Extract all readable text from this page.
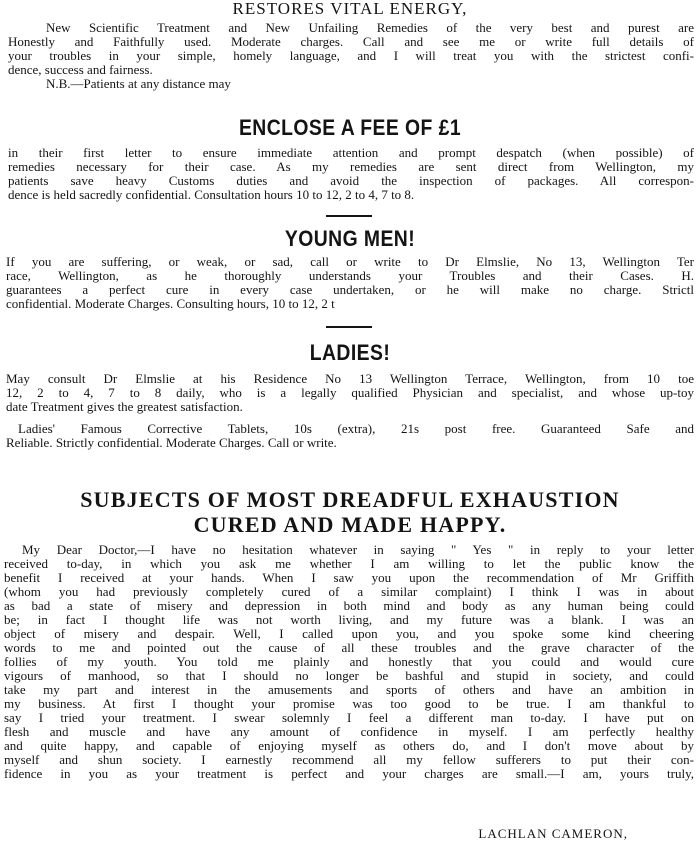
RESTORES VITAL ENERGY,
New Scientific Treatment and New Unfailing Remedies of the very best and purest are
Honestly and Faithfully used. Moderate charges. Call and see me or write full details of
your troubles in your simple, homely language, and I will treat you with the strictest confi-
dence, success and fairness.
N.B.—Patients at any distance may
ENCLOSE A FEE OF £1
in their first letter to ensure immediate attention and prompt despatch (when possible) of
remedies necessary for their case. As my remedies are sent direct from Wellington, my
patients save heavy Customs duties and avoid the inspection of packages. All correspon-
dence is held sacredly confidential. Consultation hours 10 to 12, 2 to 4, 7 to 8.
YOUNG MEN!
If you are suffering, or weak, or sad, call or write to Dr Elmslie, No 13, Wellington Ter
race, Wellington, as he thoroughly understands your Troubles and their Cases. H.
guarantees a perfect cure in every case undertaken, or he will make no charge. Strictl
confidential. Moderate Charges. Consulting hours, 10 to 12, 2 t
LADIES!
May consult Dr Elmslie at his Residence No 13 Wellington Terrace, Wellington, from 10 toe
12, 2 to 4, 7 to 8 daily, who is a legally qualified Physician and specialist, and whose up-toy
date Treatment gives the greatest satisfaction.
Ladies' Famous Corrective Tablets, 10s (extra), 21s post free. Guaranteed Safe and
Reliable. Strictly confidential. Moderate Charges. Call or write.
SUBJECTS OF MOST DREADFUL EXHAUSTION
CURED AND MADE HAPPY.
My Dear Doctor,—I have no hesitation whatever in saying " Yes " in reply to your letter
received to-day, in which you ask me whether I am willing to let the public know the
benefit I received at your hands. When I saw you upon the recommendation of Mr Griffith
(whom you had previously completely cured of a similar complaint) I think I was in about
as bad a state of misery and depression in both mind and body as any human being could
be; in fact I thought life was not worth living, and my future was a blank. I was an
object of misery and despair. Well, I called upon you, and you spoke some kind cheering
words to me and pointed out the cause of all these troubles and the grave character of the
follies of my youth. You told me plainly and honestly that you could and would cure
vigours of manhood, so that I should no longer be bashful and stupid in society, and could
take my part and interest in the amusements and sports of others and have an ambition in
my business. At first I thought your promise was too good to be true. I am thankful to
say I tried your treatment. I swear solemnly I feel a different man to-day. I have put on
flesh and muscle and have any amount of confidence in myself. I am perfectly healthy
and quite happy, and capable of enjoying myself as others do, and I don't move about by
myself and shun society. I earnestly recommend all my fellow sufferers to put their con-
fidence in you as your treatment is perfect and your charges are small.—I am, yours truly,
LACHLAN CAMERON,
